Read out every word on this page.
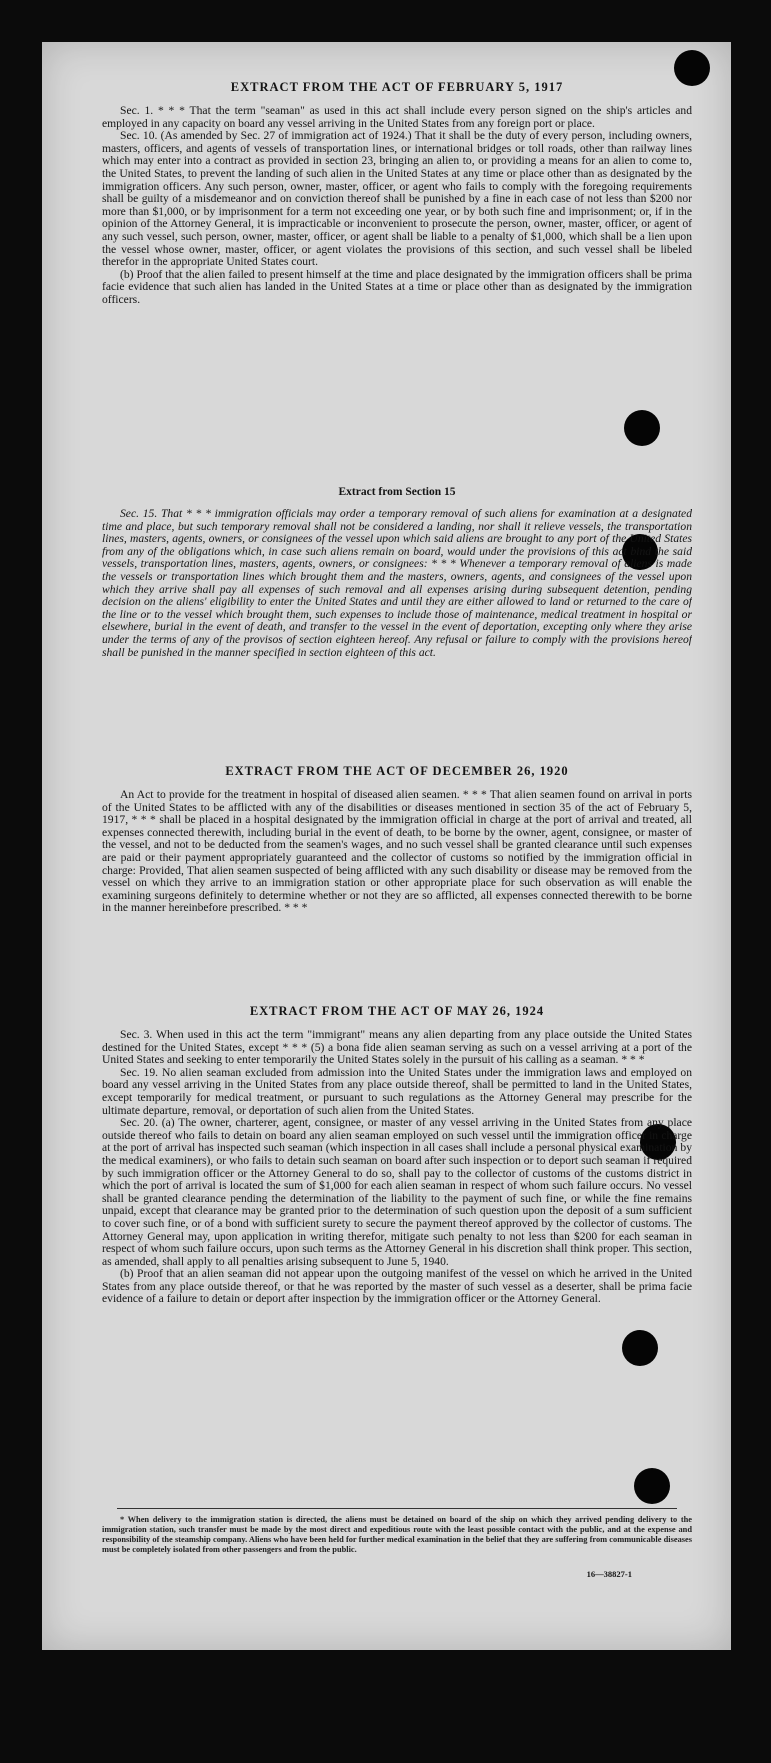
EXTRACT FROM THE ACT OF FEBRUARY 5, 1917

Sec. 1. * * * That the term "seaman" as used in this act shall include every person signed on the ship's articles and employed in any capacity on board any vessel arriving in the United States from any foreign port or place.

Sec. 10. (As amended by Sec. 27 of immigration act of 1924.) That it shall be the duty of every person, including owners, masters, officers, and agents of vessels of transportation lines, or international bridges or toll roads, other than railway lines which may enter into a contract as provided in section 23, bringing an alien to, or providing a means for an alien to come to, the United States, to prevent the landing of such alien in the United States at any time or place other than as designated by the immigration officers. Any such person, owner, master, officer, or agent who fails to comply with the foregoing requirements shall be guilty of a misdemeanor and on conviction thereof shall be punished by a fine in each case of not less than $200 nor more than $1,000, or by imprisonment for a term not exceeding one year, or by both such fine and imprisonment; or, if in the opinion of the Attorney General, it is impracticable or inconvenient to prosecute the person, owner, master, officer, or agent of any such vessel, such person, owner, master, officer, or agent shall be liable to a penalty of $1,000, which shall be a lien upon the vessel whose owner, master, officer, or agent violates the provisions of this section, and such vessel shall be libeled therefor in the appropriate United States court.

(b) Proof that the alien failed to present himself at the time and place designated by the immigration officers shall be prima facie evidence that such alien has landed in the United States at a time or place other than as designated by the immigration officers.

Extract from Section 15

Sec. 15. That * * * immigration officials may order a temporary removal of such aliens for examination at a designated time and place, but such temporary removal shall not be considered a landing, nor shall it relieve vessels, the transportation lines, masters, agents, owners, or consignees of the vessel upon which said aliens are brought to any port of the United States from any of the obligations which, in case such aliens remain on board, would under the provisions of this act bind the said vessels, transportation lines, masters, agents, owners, or consignees: * * * Whenever a temporary removal of aliens is made the vessels or transportation lines which brought them and the masters, owners, agents, and consignees of the vessel upon which they arrive shall pay all expenses of such removal and all expenses arising during subsequent detention, pending decision on the aliens' eligibility to enter the United States and until they are either allowed to land or returned to the care of the line or to the vessel which brought them, such expenses to include those of maintenance, medical treatment in hospital or elsewhere, burial in the event of death, and transfer to the vessel in the event of deportation, excepting only where they arise under the terms of any of the provisos of section eighteen hereof. Any refusal or failure to comply with the provisions hereof shall be punished in the manner specified in section eighteen of this act.

EXTRACT FROM THE ACT OF DECEMBER 26, 1920

An Act to provide for the treatment in hospital of diseased alien seamen. * * * That alien seamen found on arrival in ports of the United States to be afflicted with any of the disabilities or diseases mentioned in section 35 of the act of February 5, 1917, * * * shall be placed in a hospital designated by the immigration official in charge at the port of arrival and treated, all expenses connected therewith, including burial in the event of death, to be borne by the owner, agent, consignee, or master of the vessel, and not to be deducted from the seamen's wages, and no such vessel shall be granted clearance until such expenses are paid or their payment appropriately guaranteed and the collector of customs so notified by the immigration official in charge: Provided, That alien seamen suspected of being afflicted with any such disability or disease may be removed from the vessel on which they arrive to an immigration station or other appropriate place for such observation as will enable the examining surgeons definitely to determine whether or not they are so afflicted, all expenses connected therewith to be borne in the manner hereinbefore prescribed. * * *

EXTRACT FROM THE ACT OF MAY 26, 1924

Sec. 3. When used in this act the term "immigrant" means any alien departing from any place outside the United States destined for the United States, except * * * (5) a bona fide alien seaman serving as such on a vessel arriving at a port of the United States and seeking to enter temporarily the United States solely in the pursuit of his calling as a seaman. * * *

Sec. 19. No alien seaman excluded from admission into the United States under the immigration laws and employed on board any vessel arriving in the United States from any place outside thereof, shall be permitted to land in the United States, except temporarily for medical treatment, or pursuant to such regulations as the Attorney General may prescribe for the ultimate departure, removal, or deportation of such alien from the United States.

Sec. 20. (a) The owner, charterer, agent, consignee, or master of any vessel arriving in the United States from any place outside thereof who fails to detain on board any alien seaman employed on such vessel until the immigration officer in charge at the port of arrival has inspected such seaman (which inspection in all cases shall include a personal physical examination by the medical examiners), or who fails to detain such seaman on board after such inspection or to deport such seaman if required by such immigration officer or the Attorney General to do so, shall pay to the collector of customs of the customs district in which the port of arrival is located the sum of $1,000 for each alien seaman in respect of whom such failure occurs. No vessel shall be granted clearance pending the determination of the liability to the payment of such fine, or while the fine remains unpaid, except that clearance may be granted prior to the determination of such question upon the deposit of a sum sufficient to cover such fine, or of a bond with sufficient surety to secure the payment thereof approved by the collector of customs. The Attorney General may, upon application in writing therefor, mitigate such penalty to not less than $200 for each seaman in respect of whom such failure occurs, upon such terms as the Attorney General in his discretion shall think proper. This section, as amended, shall apply to all penalties arising subsequent to June 5, 1940.

(b) Proof that an alien seaman did not appear upon the outgoing manifest of the vessel on which he arrived in the United States from any place outside thereof, or that he was reported by the master of such vessel as a deserter, shall be prima facie evidence of a failure to detain or deport after inspection by the immigration officer or the Attorney General.

* When delivery to the immigration station is directed, the aliens must be detained on board of the ship on which they arrived pending delivery to the immigration station, such transfer must be made by the most direct and expeditious route with the least possible contact with the public, and at the expense and responsibility of the steamship company. Aliens who have been held for further medical examination in the belief that they are suffering from communicable diseases must be completely isolated from other passengers and from the public.

16—38827-1
